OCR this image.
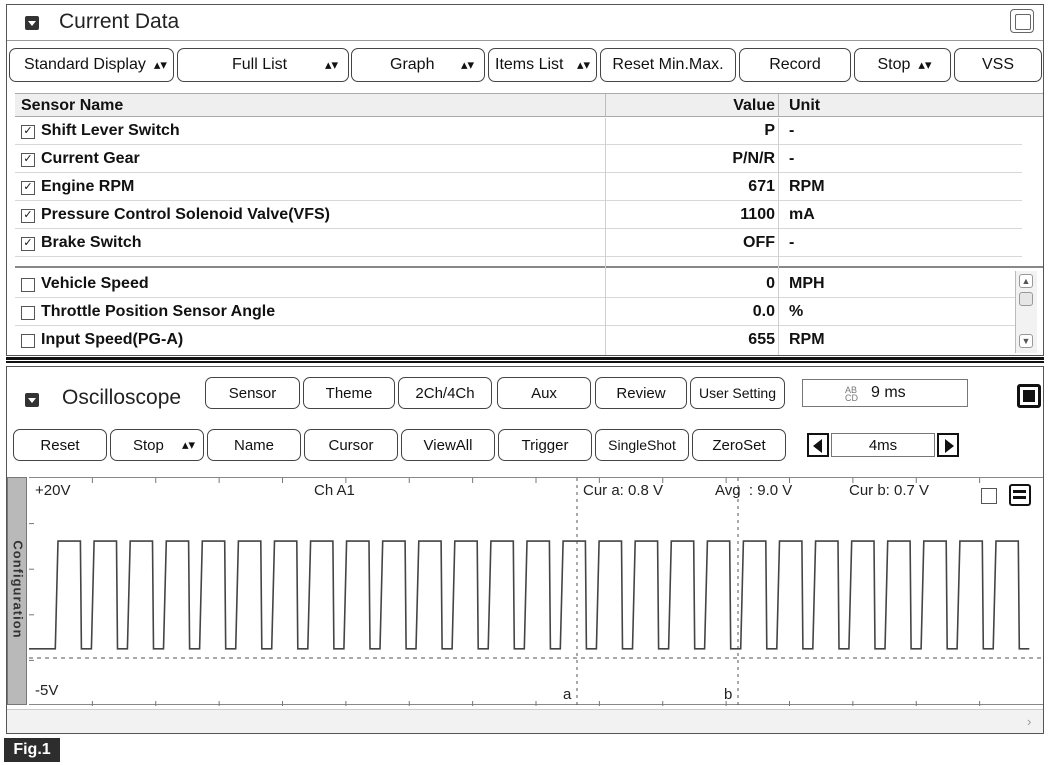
Current Data
Standard Display ▴▾	Full List	▴▾	Graph ▴▾ Items List ▴▾	Reset Min.Max.	Record	Stop ▴▾	VSS
Sensor Name	Value Unit
✓ Shift Lever Switch	P -
✓ Current Gear	P/N/R -
✓ Engine RPM	671 RPM
✓ Pressure Control Solenoid Valve(VFS)	1100 mA
✓ Brake Switch	OFF -
Vehicle Speed	0 MPH
Throttle Position Sensor Angle	0.0 %
Input Speed(PG-A)	655 RPM
▲
▼
Oscilloscope	Sensor	Theme	2Ch/4Ch	Aux	Review	User Setting	AB
CD 9 ms
Reset	Stop ▴▾	Name	Cursor	ViewAll	Trigger	SingleShot	ZeroSet	4ms
Configuration
+20V
-5V
Ch A1	Cur a: 0.8 V	Avg  : 9.0 V	Cur b: 0.7 V
a	b
›
Fig.1
